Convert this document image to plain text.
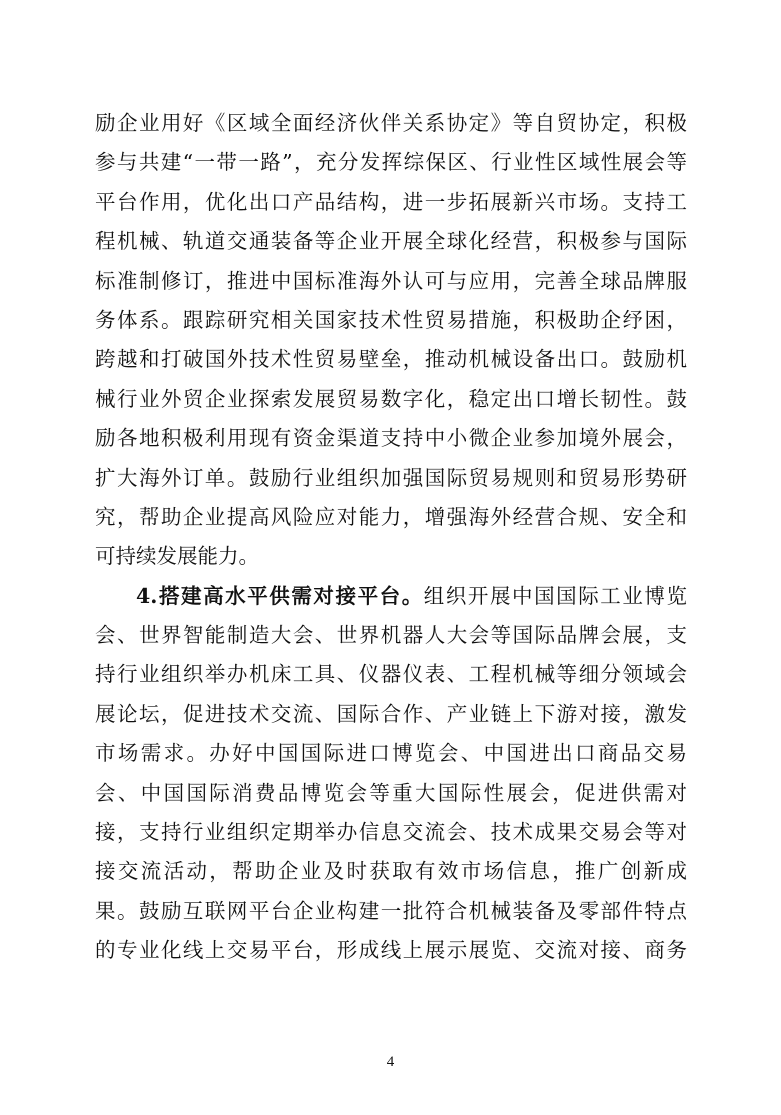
励企业用好《区域全面经济伙伴关系协定》等自贸协定，积极
参与共建“一带一路”，充分发挥综保区、行业性区域性展会等
平台作用，优化出口产品结构，进一步拓展新兴市场。支持工
程机械、轨道交通装备等企业开展全球化经营，积极参与国际
标准制修订，推进中国标准海外认可与应用，完善全球品牌服
务体系。跟踪研究相关国家技术性贸易措施，积极助企纾困，
跨越和打破国外技术性贸易壁垒，推动机械设备出口。鼓励机
械行业外贸企业探索发展贸易数字化，稳定出口增长韧性。鼓
励各地积极利用现有资金渠道支持中小微企业参加境外展会，
扩大海外订单。鼓励行业组织加强国际贸易规则和贸易形势研
究，帮助企业提高风险应对能力，增强海外经营合规、安全和
可持续发展能力。
4.搭建高水平供需对接平台。组织开展中国国际工业博览
会、世界智能制造大会、世界机器人大会等国际品牌会展，支
持行业组织举办机床工具、仪器仪表、工程机械等细分领域会
展论坛，促进技术交流、国际合作、产业链上下游对接，激发
市场需求。办好中国国际进口博览会、中国进出口商品交易
会、中国国际消费品博览会等重大国际性展会，促进供需对
接，支持行业组织定期举办信息交流会、技术成果交易会等对
接交流活动，帮助企业及时获取有效市场信息，推广创新成
果。鼓励互联网平台企业构建一批符合机械装备及零部件特点
的专业化线上交易平台，形成线上展示展览、交流对接、商务
4
